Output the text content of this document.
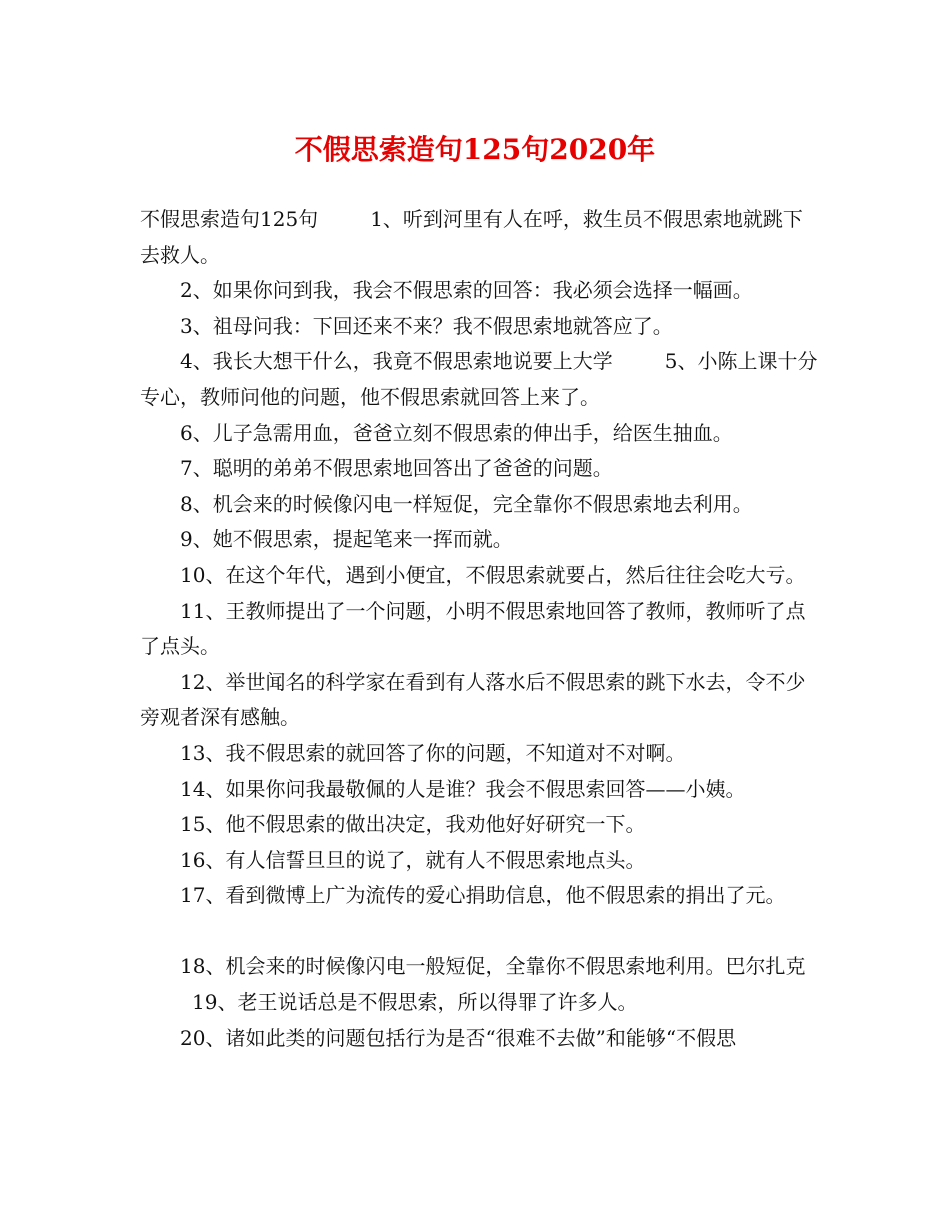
不假思索造句125句2020年

不假思索造句125句	1、听到河里有人在呼，救生员不假思索地就跳下去救人。

2、如果你问到我，我会不假思索的回答：我必须会选择一幅画。

3、祖母问我：下回还来不来？我不假思索地就答应了。

4、我长大想干什么，我竟不假思索地说要上大学	5、小陈上课十分专心，教师问他的问题，他不假思索就回答上来了。

6、儿子急需用血，爸爸立刻不假思索的伸出手，给医生抽血。

7、聪明的弟弟不假思索地回答出了爸爸的问题。

8、机会来的时候像闪电一样短促，完全靠你不假思索地去利用。

9、她不假思索，提起笔来一挥而就。

10、在这个年代，遇到小便宜，不假思索就要占，然后往往会吃大亏。

11、王教师提出了一个问题，小明不假思索地回答了教师，教师听了点了点头。

12、举世闻名的科学家在看到有人落水后不假思索的跳下水去，令不少旁观者深有感触。

13、我不假思索的就回答了你的问题，不知道对不对啊。

14、如果你问我最敬佩的人是谁？我会不假思索回答——小姨。

15、他不假思索的做出决定，我劝他好好研究一下。

16、有人信誓旦旦的说了，就有人不假思索地点头。

17、看到微博上广为流传的爱心捐助信息，他不假思索的捐出了元。

18、机会来的时候像闪电一般短促，全靠你不假思索地利用。巴尔扎克19、老王说话总是不假思索，所以得罪了许多人。

20、诸如此类的问题包括行为是否“很难不去做”和能够“不假思
